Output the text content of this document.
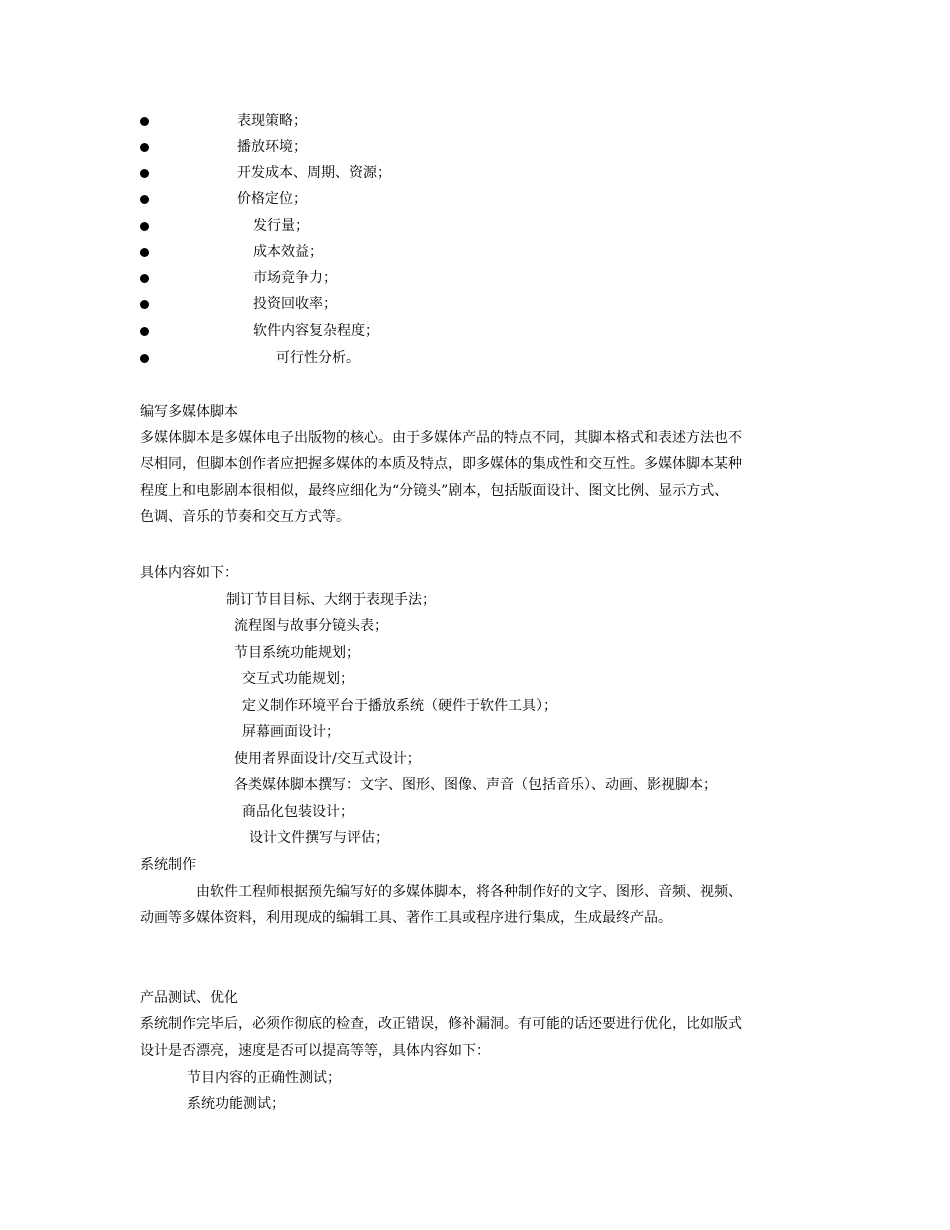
表现策略；
播放环境；
开发成本、周期、资源；
价格定位；
发行量；
成本效益；
市场竞争力；
投资回收率；
软件内容复杂程度；
可行性分析。
编写多媒体脚本
多媒体脚本是多媒体电子出版物的核心。由于多媒体产品的特点不同，其脚本格式和表述方法也不
尽相同，但脚本创作者应把握多媒体的本质及特点，即多媒体的集成性和交互性。多媒体脚本某种
程度上和电影剧本很相似，最终应细化为“分镜头”剧本，包括版面设计、图文比例、显示方式、
色调、音乐的节奏和交互方式等。
具体内容如下：
制订节目目标、大纲于表现手法；
流程图与故事分镜头表；
节目系统功能规划；
交互式功能规划；
定义制作环境平台于播放系统（硬件于软件工具）；
屏幕画面设计；
使用者界面设计/交互式设计；
各类媒体脚本撰写：文字、图形、图像、声音（包括音乐）、动画、影视脚本；
商品化包装设计；
设计文件撰写与评估；
系统制作
由软件工程师根据预先编写好的多媒体脚本，将各种制作好的文字、图形、音频、视频、
动画等多媒体资料，利用现成的编辑工具、著作工具或程序进行集成，生成最终产品。
产品测试、优化
系统制作完毕后，必须作彻底的检查，改正错误，修补漏洞。有可能的话还要进行优化，比如版式
设计是否漂亮，速度是否可以提高等等，具体内容如下：
节目内容的正确性测试；
系统功能测试；
